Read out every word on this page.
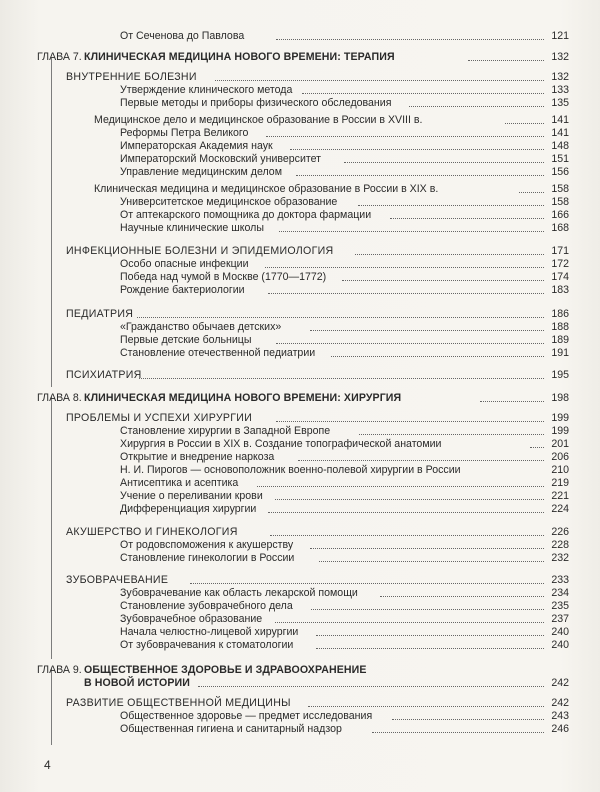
От Сеченова до Павлова	121
ГЛАВА 7. КЛИНИЧЕСКАЯ МЕДИЦИНА НОВОГО ВРЕМЕНИ: ТЕРАПИЯ	132
ВНУТРЕННИЕ БОЛЕЗНИ	132
Утверждение клинического метода	133
Первые методы и приборы физического обследования	135
Медицинское дело и медицинское образование в России в XVIII в.	141
Реформы Петра Великого	141
Императорская Академия наук	148
Императорский Московский университет	151
Управление медицинским делом	156
Клиническая медицина и медицинское образование в России в XIX в.	158
Университетское медицинское образование	158
От аптекарского помощника до доктора фармации	166
Научные клинические школы	168
ИНФЕКЦИОННЫЕ БОЛЕЗНИ И ЭПИДЕМИОЛОГИЯ	171
Особо опасные инфекции	172
Победа над чумой в Москве (1770—1772)	174
Рождение бактериологии	183
ПЕДИАТРИЯ	186
«Гражданство обычаев детских»	188
Первые детские больницы	189
Становление отечественной педиатрии	191
ПСИХИАТРИЯ	195
ГЛАВА 8. КЛИНИЧЕСКАЯ МЕДИЦИНА НОВОГО ВРЕМЕНИ: ХИРУРГИЯ	198
ПРОБЛЕМЫ И УСПЕХИ ХИРУРГИИ	199
Становление хирургии в Западной Европе	199
Хирургия в России в XIX в. Создание топографической анатомии	201
Открытие и внедрение наркоза	206
Н. И. Пирогов — основоположник военно-полевой хирургии в России	210
Антисептика и асептика	219
Учение о переливании крови	221
Дифференциация хирургии	224
АКУШЕРСТВО И ГИНЕКОЛОГИЯ	226
От родовспоможения к акушерству	228
Становление гинекологии в России	232
ЗУБОВРАЧЕВАНИЕ	233
Зубоврачевание как область лекарской помощи	234
Становление зубоврачебного дела	235
Зубоврачебное образование	237
Начала челюстно-лицевой хирургии	240
От зубоврачевания к стоматологии	240
ГЛАВА 9. ОБЩЕСТВЕННОЕ ЗДОРОВЬЕ И ЗДРАВООХРАНЕНИЕ
В НОВОЙ ИСТОРИИ	242
РАЗВИТИЕ ОБЩЕСТВЕННОЙ МЕДИЦИНЫ	242
Общественное здоровье — предмет исследования	243
Общественная гигиена и санитарный надзор	246
4
